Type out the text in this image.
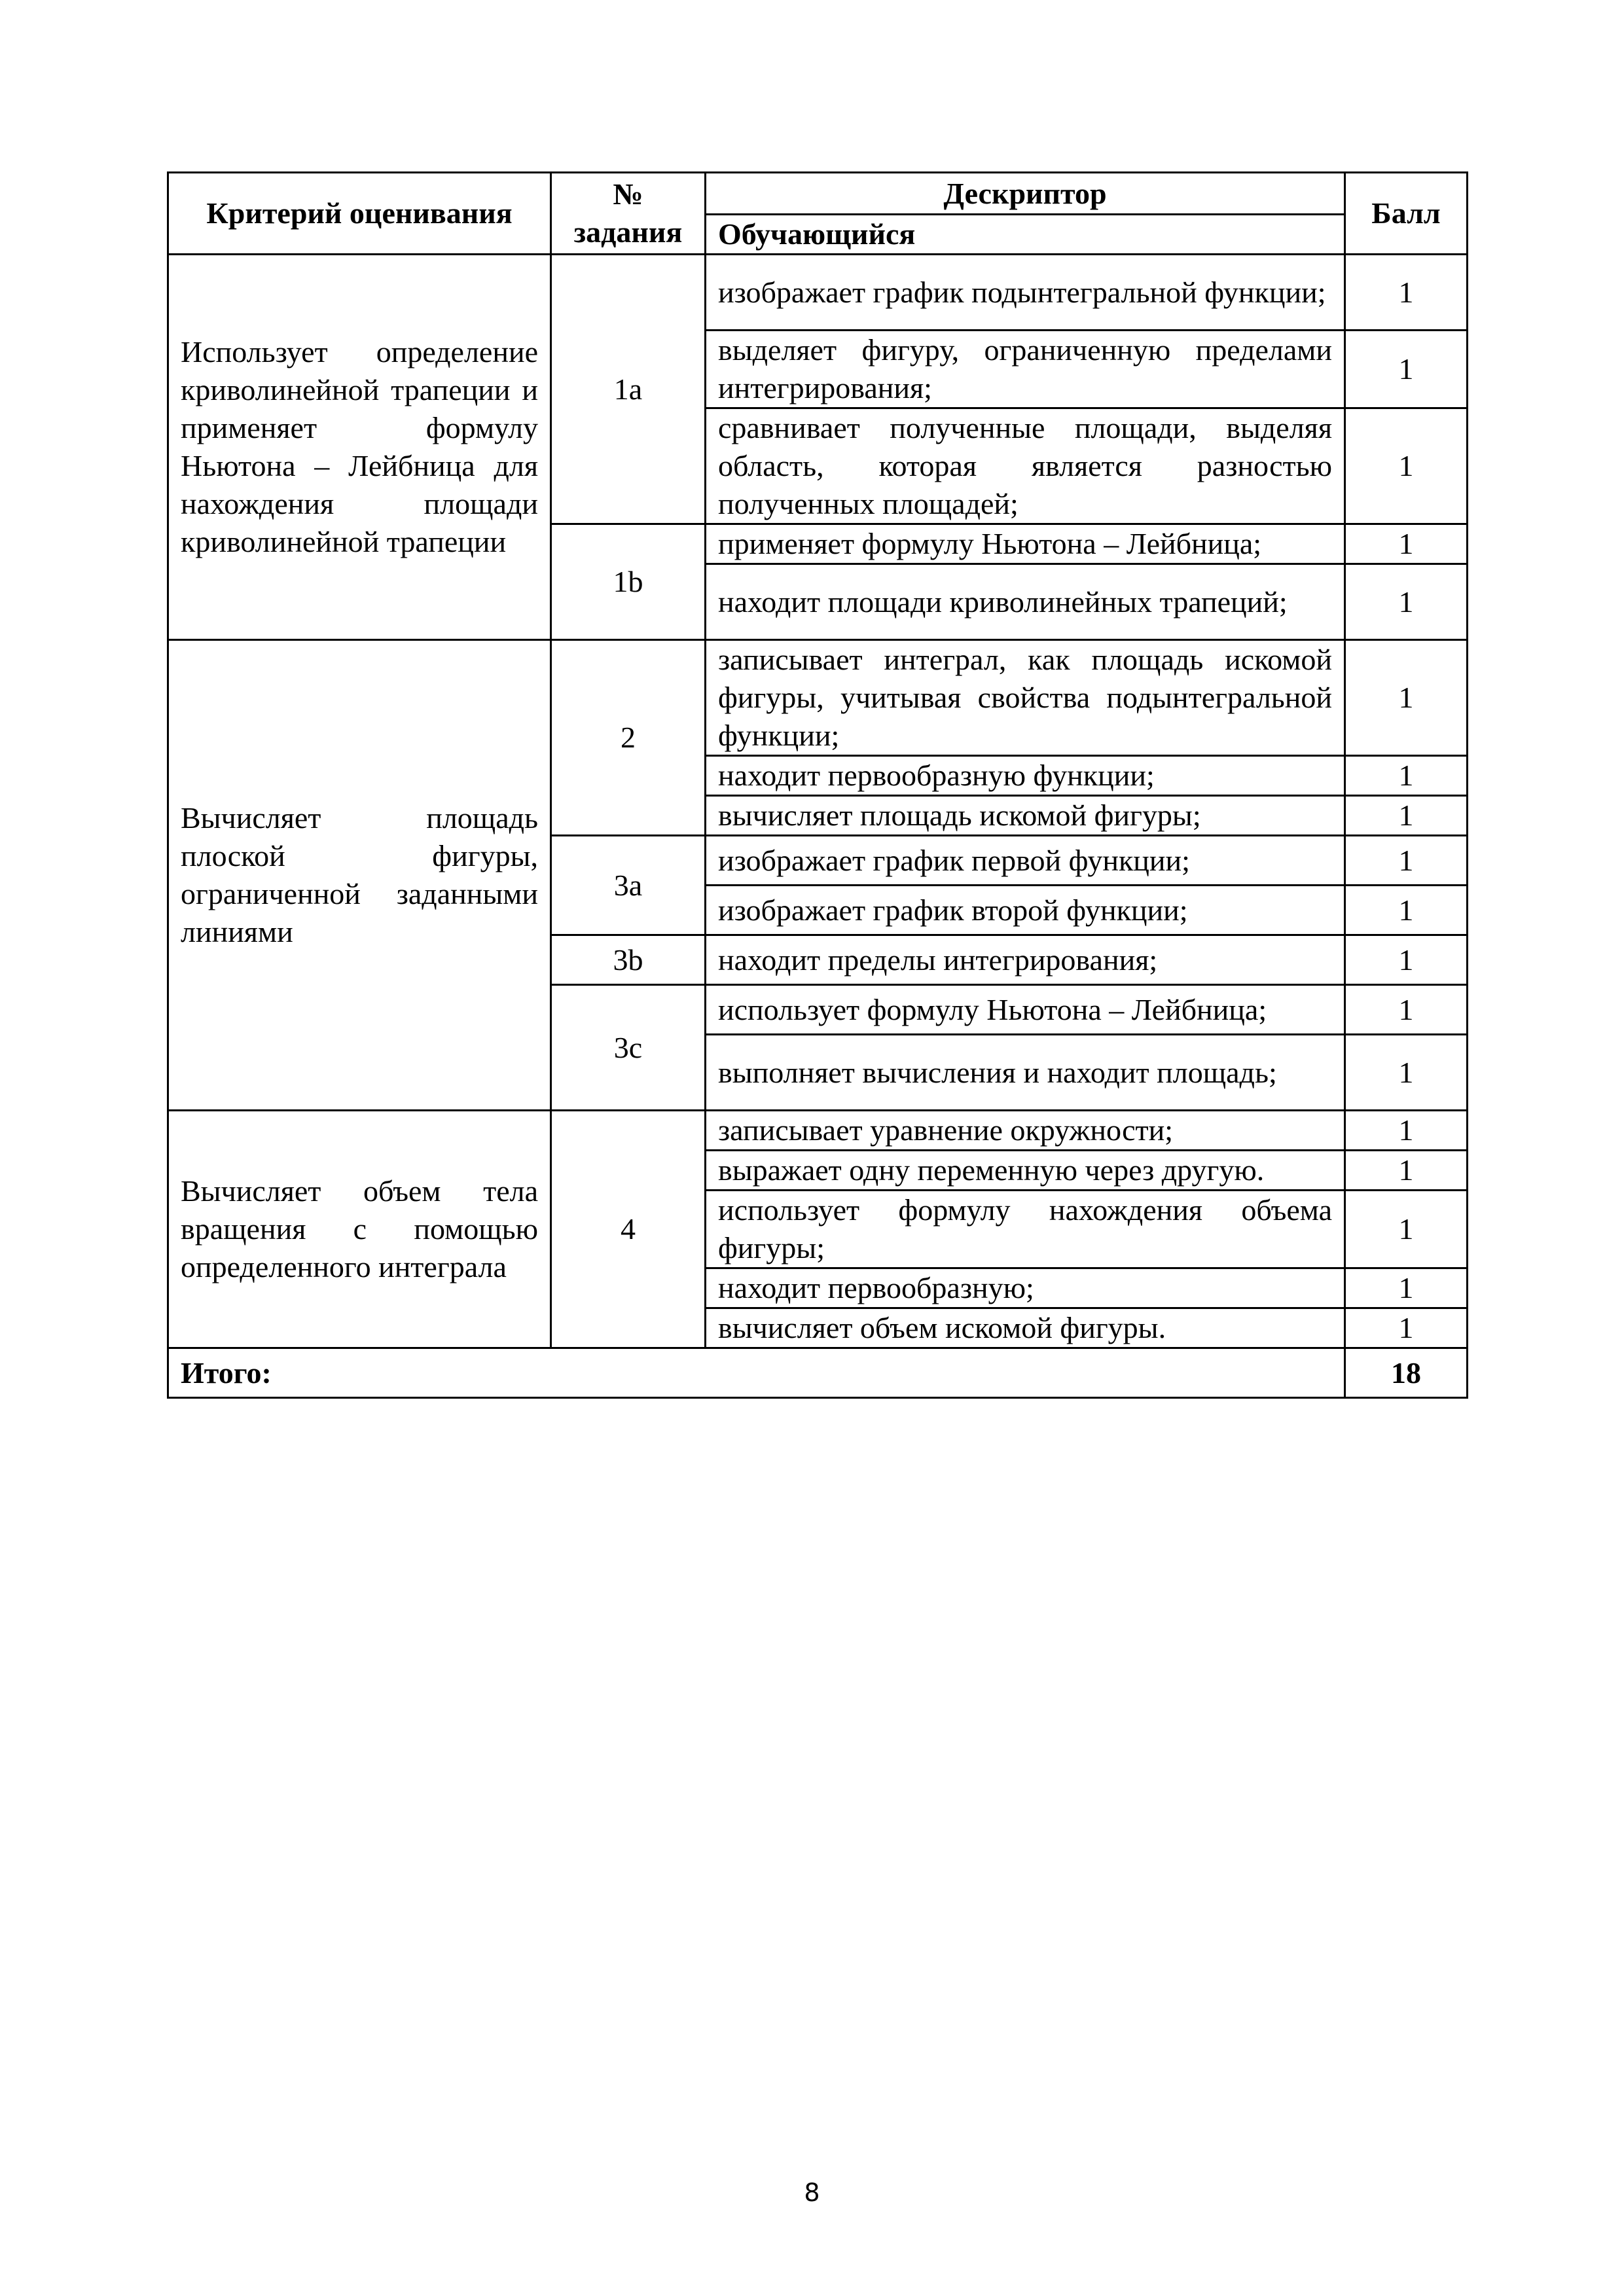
Критерий оценивания	№
задания	Дескриптор	Балл
		Обучающийся	
Использует определение криволинейной трапеции и применяет формулу Ньютона – Лейбница для нахождения площади криволинейной трапеции	1a	изображает график подынтегральной функции;	1
		выделяет фигуру, ограниченную пределами интегрирования;	1
		сравнивает полученные площади, выделяя область, которая является разностью полученных площадей;	1
	1b	применяет формулу Ньютона – Лейбница;	1
		находит площади криволинейных трапеций;	1
Вычисляет площадь плоской фигуры, ограниченной заданными линиями	2	записывает интеграл, как площадь искомой фигуры, учитывая свойства подынтегральной функции;	1
		находит первообразную функции;	1
		вычисляет площадь искомой фигуры;	1
	3a	изображает график первой функции;	1
		изображает график второй функции;	1
	3b	находит пределы интегрирования;	1
	3c	использует формулу Ньютона – Лейбница;	1
		выполняет вычисления и находит площадь;	1
Вычисляет объем тела вращения с помощью определенного интеграла	4	записывает уравнение окружности;	1
		выражает одну переменную через другую.	1
		использует формулу нахождения объема фигуры;	1
		находит первообразную;	1
		вычисляет объем искомой фигуры.	1
Итого:			18
8
